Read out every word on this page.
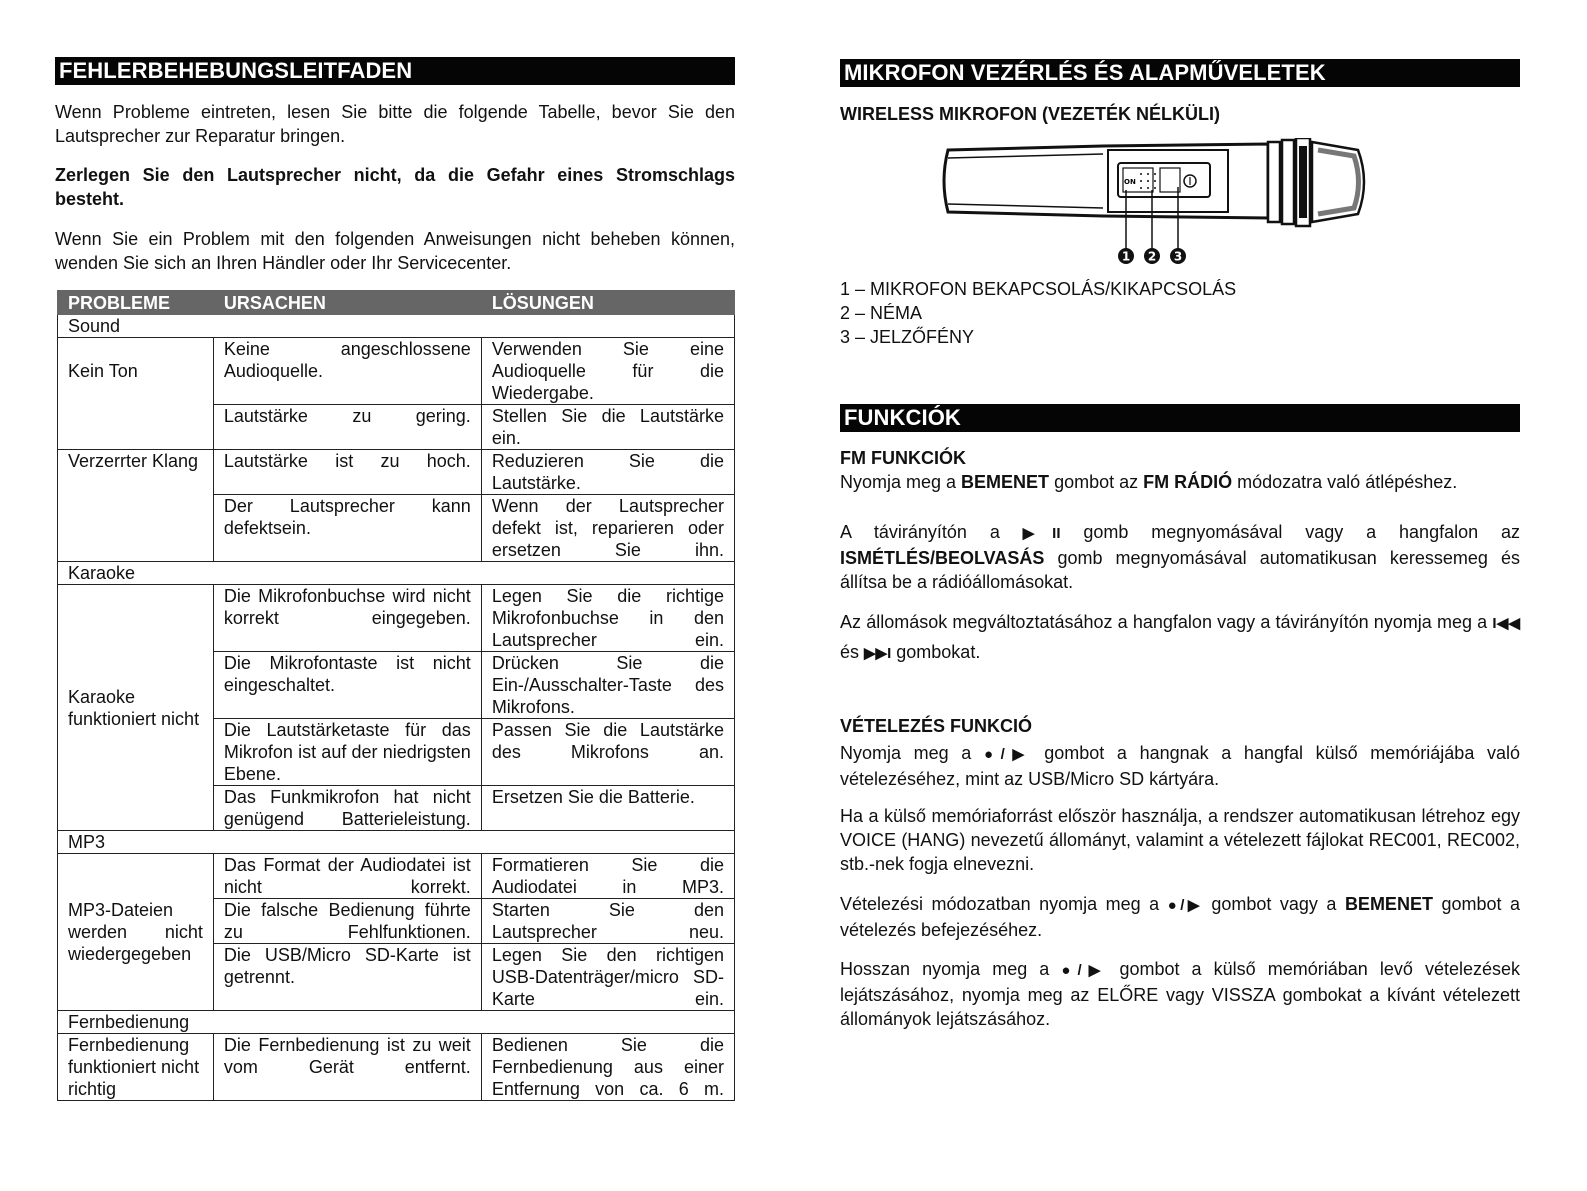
FEHLERBEHEBUNGSLEITFADEN

Wenn Probleme eintreten, lesen Sie bitte die folgende Tabelle, bevor Sie den Lautsprecher zur Reparatur bringen.

Zerlegen Sie den Lautsprecher nicht, da die Gefahr eines Stromschlags besteht.

Wenn Sie ein Problem mit den folgenden Anweisungen nicht beheben können, wenden Sie sich an Ihren Händler oder Ihr Servicecenter.

PROBLEME	URSACHEN	LÖSUNGEN
Sound		
Kein Ton	Keine angeschlossene Audioquelle.	Verwenden Sie eine Audioquelle für die Wiedergabe.
	Lautstärke zu gering.	Stellen Sie die Lautstärke ein.
Verzerrter Klang	Lautstärke ist zu hoch.	Reduzieren Sie die Lautstärke.
	Der Lautsprecher kann defektsein.	Wenn der Lautsprecher defekt ist, reparieren oder ersetzen Sie ihn.
Karaoke		
Karaoke funktioniert nicht	Die Mikrofonbuchse wird nicht korrekt eingegeben.	Legen Sie die richtige Mikrofonbuchse in den Lautsprecher ein.
	Die Mikrofontaste ist nicht eingeschaltet.	Drücken Sie die Ein-/Ausschalter-Taste des Mikrofons.
	Die Lautstärketaste für das Mikrofon ist auf der niedrigsten Ebene.	Passen Sie die Lautstärke des Mikrofons an.
	Das Funkmikrofon hat nicht genügend Batterieleistung.	Ersetzen Sie die Batterie.
MP3		
MP3-Dateien werden nicht wiedergegeben	Das Format der Audiodatei ist nicht korrekt.	Formatieren Sie die Audiodatei in MP3.
	Die falsche Bedienung führte zu Fehlfunktionen.	Starten Sie den Lautsprecher neu.
	Die USB/Micro SD-Karte ist getrennt.	Legen Sie den richtigen USB-Datenträger/micro SD-Karte ein.
Fernbedienung		
Fernbedienung funktioniert nicht richtig	Die Fernbedienung ist zu weit vom Gerät entfernt.	Bedienen Sie die Fernbedienung aus einer Entfernung von ca. 6 m.
MIKROFON VEZÉRLÉS ÉS ALAPMŰVELETEK
WIRELESS MIKROFON (VEZETÉK NÉLKÜLI)
ON
1 2 3
1 – MIKROFON BEKAPCSOLÁS/KIKAPCSOLÁS
2 – NÉMA
3 – JELZŐFÉNY
FUNKCIÓK
FM FUNKCIÓK

Nyomja meg a BEMENET gombot az FM RÁDIÓ módozatra való átlépéshez.

A távirányítón a ▶II gomb megnyomásával vagy a hangfalon az ISMÉTLÉS/BEOLVASÁS gomb megnyomásával automatikusan keressemeg és állítsa be a rádióállomásokat.

Az állomások megváltoztatásához a hangfalon vagy a távirányítón nyomja meg a I◀◀ és ▶▶I gombokat.

VÉTELEZÉS FUNKCIÓ

Nyomja meg a ●/▶ gombot a hangnak a hangfal külső memóriájába való vételezéséhez, mint az USB/Micro SD kártyára.

Ha a külső memóriaforrást először használja, a rendszer automatikusan létrehoz egy VOICE (HANG) nevezetű állományt, valamint a vételezett fájlokat REC001, REC002, stb.-nek fogja elnevezni.

Vételezési módozatban nyomja meg a ●/▶ gombot vagy a BEMENET gombot a vételezés befejezéséhez.

Hosszan nyomja meg a ●/▶ gombot a külső memóriában levő vételezések lejátszásához, nyomja meg az ELŐRE vagy VISSZA gombokat a kívánt vételezett állományok lejátszásához.
